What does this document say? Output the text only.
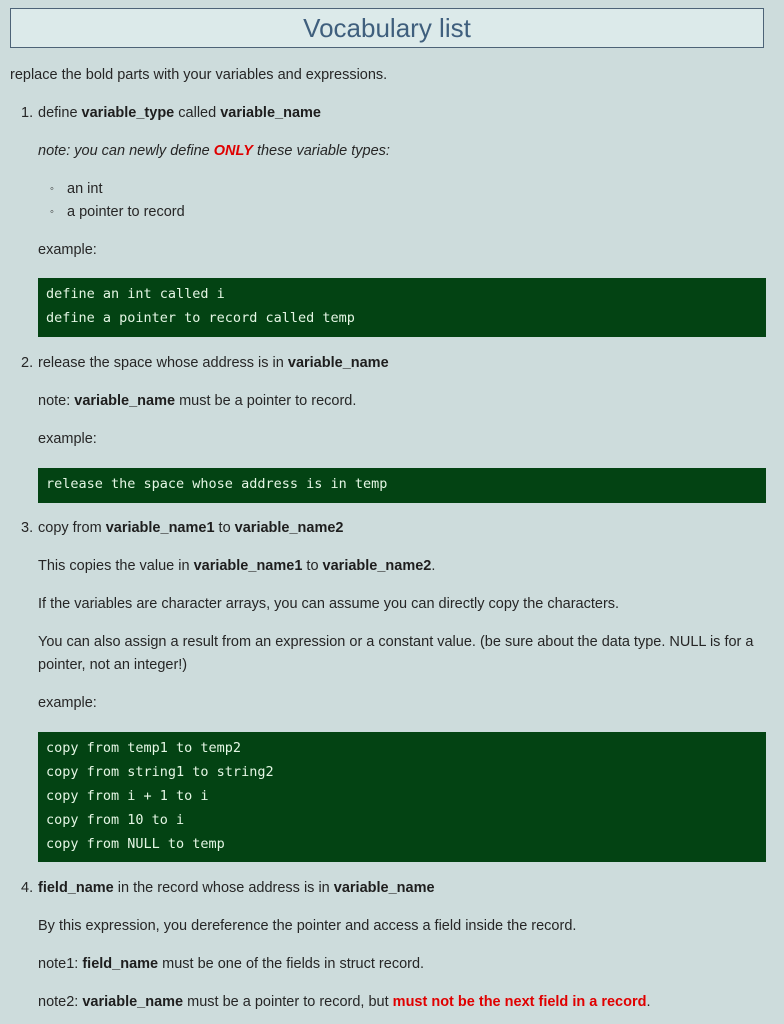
Vocabulary list
replace the bold parts with your variables and expressions.
1. define variable_type called variable_name
note: you can newly define ONLY these variable types:
◦ an int
◦ a pointer to record
example:
define an int called i
define a pointer to record called temp
2. release the space whose address is in variable_name
note: variable_name must be a pointer to record.
example:
release the space whose address is in temp
3. copy from variable_name1 to variable_name2
This copies the value in variable_name1 to variable_name2.
If the variables are character arrays, you can assume you can directly copy the characters.
You can also assign a result from an expression or a constant value. (be sure about the data type. NULL is for a pointer, not an integer!)
example:
copy from temp1 to temp2
copy from string1 to string2
copy from i + 1 to i
copy from 10 to i
copy from NULL to temp
4. field_name in the record whose address is in variable_name
By this expression, you dereference the pointer and access a field inside the record.
note1: field_name must be one of the fields in struct record.
note2: variable_name must be a pointer to record, but must not be the next field in a record.
